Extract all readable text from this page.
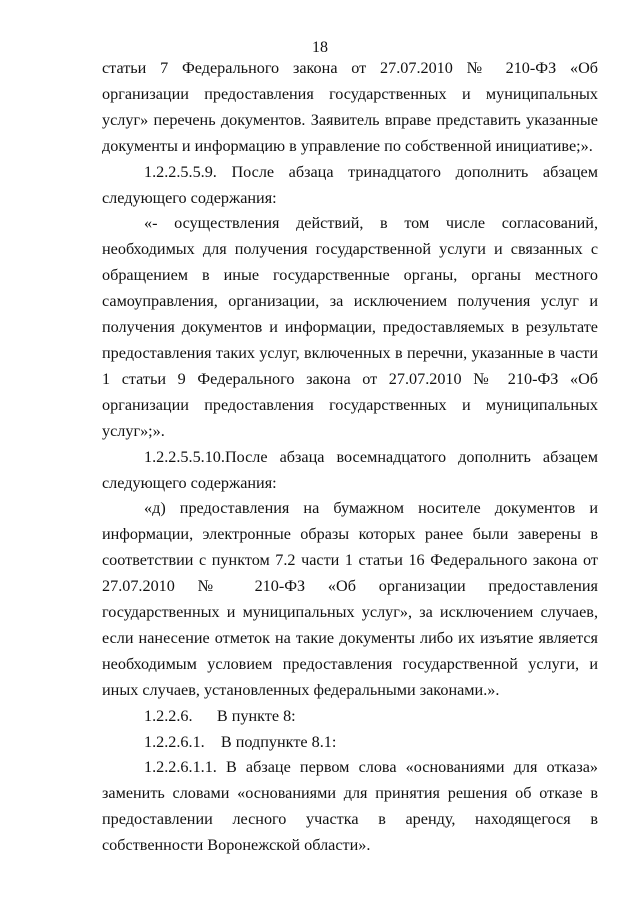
18

статьи 7 Федерального закона от 27.07.2010 № 210-ФЗ «Об организации предоставления государственных и муниципальных услуг» перечень документов. Заявитель вправе представить указанные документы и информацию в управление по собственной инициативе;».

1.2.2.5.5.9. После абзаца тринадцатого дополнить абзацем следующего содержания:

«- осуществления действий, в том числе согласований, необходимых для получения государственной услуги и связанных с обращением в иные государственные органы, органы местного самоуправления, организации, за исключением получения услуг и получения документов и информации, предоставляемых в результате предоставления таких услуг, включенных в перечни, указанные в части 1 статьи 9 Федерального закона от 27.07.2010 № 210-ФЗ «Об организации предоставления государственных и муниципальных услуг»;».

1.2.2.5.5.10.После абзаца восемнадцатого дополнить абзацем следующего содержания:

«д) предоставления на бумажном носителе документов и информации, электронные образы которых ранее были заверены в соответствии с пунктом 7.2 части 1 статьи 16 Федерального закона от 27.07.2010 № 210-ФЗ «Об организации предоставления государственных и муниципальных услуг», за исключением случаев, если нанесение отметок на такие документы либо их изъятие является необходимым условием предоставления государственной услуги, и иных случаев, установленных федеральными законами.».

1.2.2.6.      В пункте 8:

1.2.2.6.1.    В подпункте 8.1:

1.2.2.6.1.1. В абзаце первом слова «основаниями для отказа» заменить словами «основаниями для принятия решения об отказе в предоставлении лесного участка в аренду, находящегося в собственности Воронежской области».
